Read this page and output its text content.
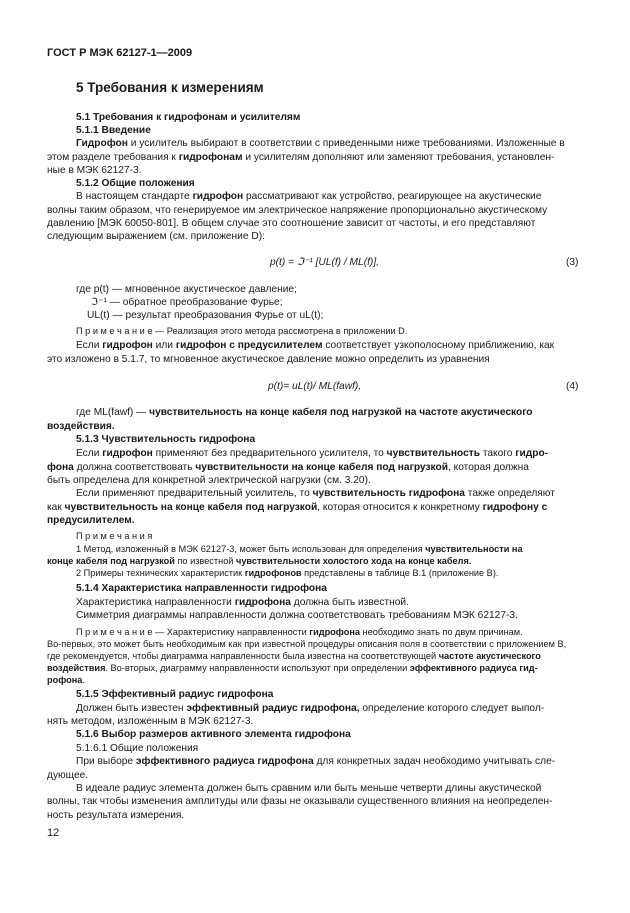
ГОСТ Р МЭК 62127-1—2009
5 Требования к измерениям
5.1 Требования к гидрофонам и усилителям
5.1.1 Введение
Гидрофон и усилитель выбирают в соответствии с приведенными ниже требованиями. Изложенные в
этом разделе требования к гидрофонам и усилителям дополняют или заменяют требования, установлен-
ные в МЭК 62127-3.
5.1.2 Общие положения
В настоящем стандарте гидрофон рассматривают как устройство, реагирующее на акустические
волны таким образом, что генерируемое им электрическое напряжение пропорционально акустическому
давлению [МЭК 60050-801]. В общем случае это соотношение зависит от частоты, и его представляют
следующим выражением (см. приложение D):
p(t) = ℑ⁻¹ [UL(f) / ML(f)],	(3)
где p(t) — мгновенное акустическое давление;
ℑ⁻¹ — обратное преобразование Фурье;
UL(t) — результат преобразования Фурье от uL(t);
П р и м е ч а н и е — Реализация этого метода рассмотрена в приложении D.
Если гидрофон или гидрофон с предусилителем соответствует узкополосному приближению, как
это изложено в 5.1.7, то мгновенное акустическое давление можно определить из уравнения
p(t)= uL(t)/ ML(fawf),	(4)
где ML(fawf) — чувствительность на конце кабеля под нагрузкой на частоте акустического
воздействия.
5.1.3 Чувствительность гидрофона
Если гидрофон применяют без предварительного усилителя, то чувствительность такого гидро-
фона должна соответствовать чувствительности на конце кабеля под нагрузкой, которая должна
быть определена для конкретной электрической нагрузки (см. 3.20).
Если применяют предварительный усилитель, то чувствительность гидрофона также определяют
как чувствительность на конце кабеля под нагрузкой, которая относится к конкретному гидрофону с
предусилителем.
П р и м е ч а н и я
1 Метод, изложенный в МЭК 62127-3, может быть использован для определения чувствительности на
конце кабеля под нагрузкой по известной чувствительности холостого хода на конце кабеля.
2 Примеры технических характеристик гидрофонов представлены в таблице B.1 (приложение B).
5.1.4 Характеристика направленности гидрофона
Характеристика направленности гидрофона должна быть известной.
Симметрия диаграммы направленности должна соответствовать требованиям МЭК 62127-3.
П р и м е ч а н и е — Характеристику направленности гидрофона необходимо знать по двум причинам.
Во-первых, это может быть необходимым как при известной процедуры описания поля в соответствии с приложением B,
где рекомендуется, чтобы диаграмма направленности была известна на соответствующей частоте акустического
воздействия. Во-вторых, диаграмму направленности используют при определении эффективного радиуса гид-
рофона.
5.1.5 Эффективный радиус гидрофона
Должен быть известен эффективный радиус гидрофона, определение которого следует выпол-
нять методом, изложенным в МЭК 62127-3.
5.1.6 Выбор размеров активного элемента гидрофона
5.1.6.1 Общие положения
При выборе эффективного радиуса гидрофона для конкретных задач необходимо учитывать сле-
дующее.
В идеале радиус элемента должен быть сравним или быть меньше четверти длины акустической
волны, так чтобы изменения амплитуды или фазы не оказывали существенного влияния на неопределен-
ность результата измерения.
12
